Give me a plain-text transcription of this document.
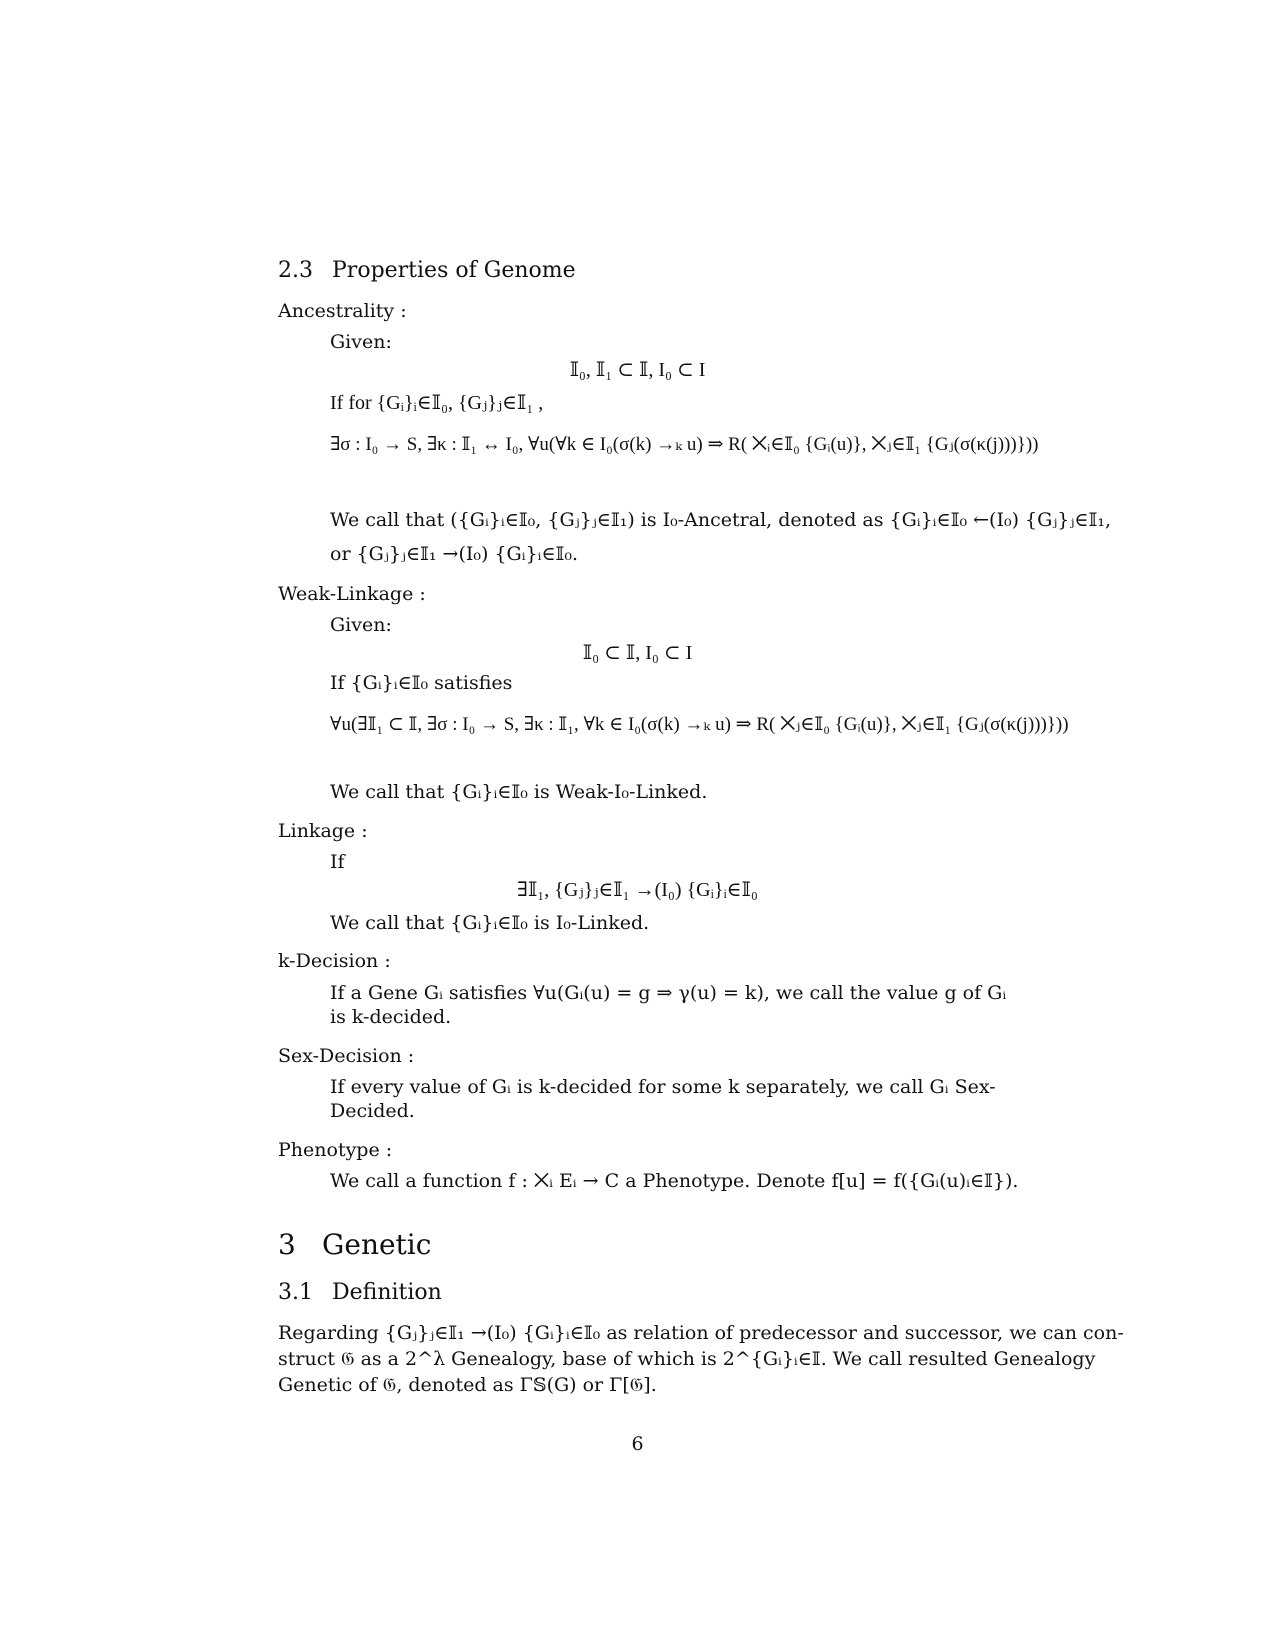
2.3 Properties of Genome
Ancestrality :
Given:
𝕀₀, 𝕀₁ ⊂ 𝕀, I₀ ⊂ I
If for {Gᵢ}ᵢ∈𝕀₀, {Gⱼ}ⱼ∈𝕀₁ ,
∃σ : I₀ → S, ∃κ : 𝕀₁ ↔ I₀, ∀u(∀k ∈ I₀(σ(k) →ₖ u) ⇒ R( ⨉ᵢ∈𝕀₀ {Gᵢ(u)}, ⨉ⱼ∈𝕀₁ {Gⱼ(σ(κ(j)))}))
We call that ({Gᵢ}ᵢ∈𝕀₀, {Gⱼ}ⱼ∈𝕀₁) is I₀-Ancetral, denoted as {Gᵢ}ᵢ∈𝕀₀ ←(I₀) {Gⱼ}ⱼ∈𝕀₁,
or {Gⱼ}ⱼ∈𝕀₁ →(I₀) {Gᵢ}ᵢ∈𝕀₀.
Weak-Linkage :
Given:
𝕀₀ ⊂ 𝕀, I₀ ⊂ I
If {Gᵢ}ᵢ∈𝕀₀ satisfies
∀u(∃𝕀₁ ⊂ 𝕀, ∃σ : I₀ → S, ∃κ : 𝕀₁, ∀k ∈ I₀(σ(k) →ₖ u) ⇒ R( ⨉ⱼ∈𝕀₀ {Gᵢ(u)}, ⨉ⱼ∈𝕀₁ {Gⱼ(σ(κ(j)))}))
We call that {Gᵢ}ᵢ∈𝕀₀ is Weak-I₀-Linked.
Linkage :
If
∃𝕀₁, {Gⱼ}ⱼ∈𝕀₁ →(I₀) {Gᵢ}ᵢ∈𝕀₀
We call that {Gᵢ}ᵢ∈𝕀₀ is I₀-Linked.
k-Decision :
If a Gene Gᵢ satisfies ∀u(Gᵢ(u) = g ⇒ γ(u) = k), we call the value g of Gᵢ
is k-decided.
Sex-Decision :
If every value of Gᵢ is k-decided for some k separately, we call Gᵢ Sex-
Decided.
Phenotype :
We call a function f : ⨉ᵢ Eᵢ → C a Phenotype. Denote f[u] = f({Gᵢ(u)ᵢ∈𝕀}).
3 Genetic
3.1 Definition
Regarding {Gⱼ}ⱼ∈𝕀₁ →(I₀) {Gᵢ}ᵢ∈𝕀₀ as relation of predecessor and successor, we can con-
struct 𝔊 as a 2^λ Genealogy, base of which is 2^{Gᵢ}ᵢ∈𝕀. We call resulted Genealogy
Genetic of 𝔊, denoted as Γ𝕊(G) or Γ[𝔊].
6
